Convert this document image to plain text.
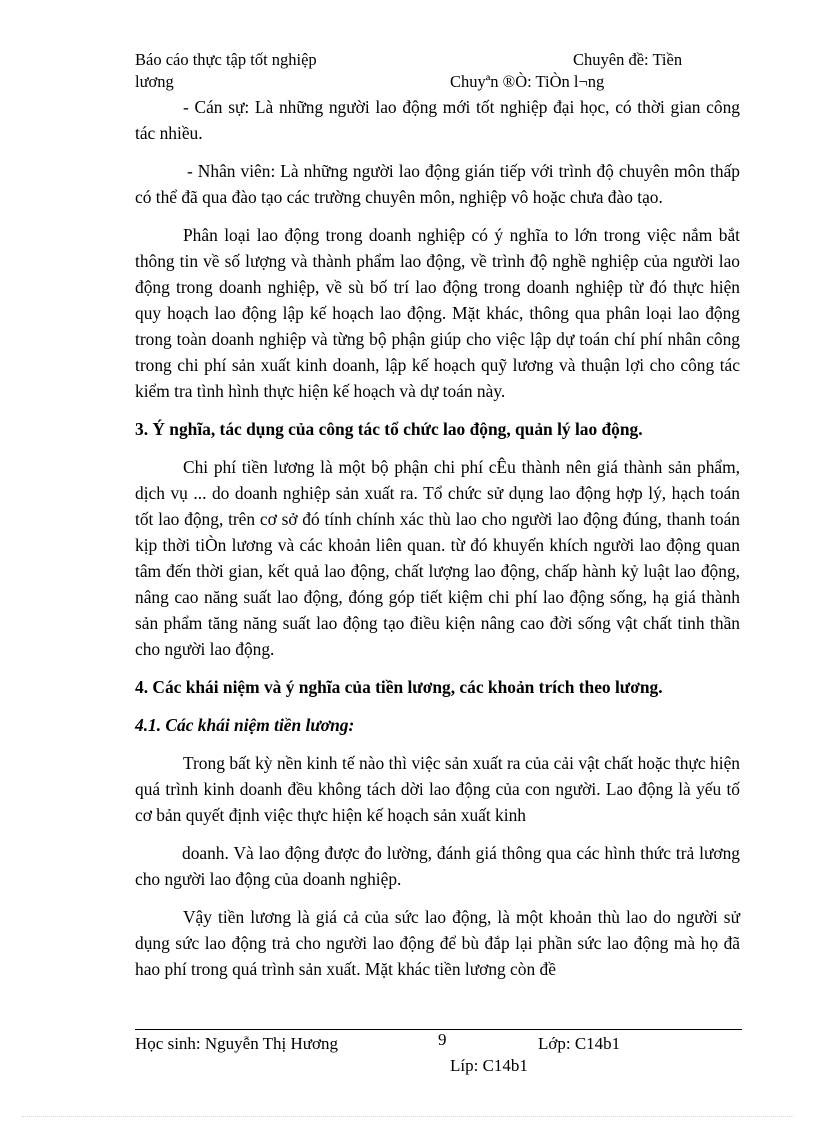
Báo cáo thực tập tốt nghiệp	Chuyên đề: Tiền
lương	Chuyªn ®Ò: TiÒn l¬ng

- Cán sự: Là những người lao động mới tốt nghiệp đại học, có thời gian công tác nhiều.

- Nhân viên: Là những người lao động gián tiếp với trình độ chuyên môn thấp có thể đã qua đào tạo các trường chuyên môn, nghiệp vô hoặc chưa đào tạo.

Phân loại lao động trong doanh nghiệp có ý nghĩa to lớn trong việc nắm bắt thông tin về số lượng và thành phẩm lao động, về trình độ nghề nghiệp của người lao động trong doanh nghiệp, về sù bố trí lao động trong doanh nghiệp từ đó thực hiện quy hoạch lao động lập kế hoạch lao động. Mặt khác, thông qua phân loại lao động trong toàn doanh nghiệp và từng bộ phận giúp cho việc lập dự toán chí phí nhân công trong chi phí sản xuất kinh doanh, lập kế hoạch quỹ lương và thuận lợi cho công tác kiểm tra tình hình thực hiện kế hoạch và dự toán này.

3. Ý nghĩa, tác dụng của công tác tổ chức lao động, quản lý lao động.

Chi phí tiền lương là một bộ phận chi phí cÊu thành nên giá thành sản phẩm, dịch vụ ... do doanh nghiệp sản xuất ra. Tổ chức sử dụng lao động hợp lý, hạch toán tốt lao động, trên cơ sở đó tính chính xác thù lao cho người lao động đúng, thanh toán kịp thời tiÒn lương và các khoản liên quan. từ đó khuyến khích người lao động quan tâm đến thời gian, kết quả lao động, chất lượng lao động, chấp hành kỷ luật lao động, nâng cao năng suất lao động, đóng góp tiết kiệm chi phí lao động sống, hạ giá thành sản phẩm tăng năng suất lao động tạo điều kiện nâng cao đời sống vật chất tinh thần cho người lao động.

4. Các khái niệm và ý nghĩa của tiền lương, các khoản trích theo lương.
4.1. Các khái niệm tiền lương:

Trong bất kỳ nền kinh tế nào thì việc sản xuất ra của cải vật chất hoặc thực hiện quá trình kinh doanh đều không tách dời lao động của con người. Lao động là yếu tố cơ bản quyết định việc thực hiện kế hoạch sản xuất kinh

doanh. Và lao động được đo lường, đánh giá thông qua các hình thức trả lương cho người lao động của doanh nghiệp.

Vậy tiền lương là giá cả của sức lao động, là một khoản thù lao do người sử dụng sức lao động trả cho người lao động để bù đắp lại phần sức lao động mà họ đã hao phí trong quá trình sản xuất. Mặt khác tiền lương còn đề

Học sinh: Nguyễn Thị Hương	9	Lớp: C14b1
Líp: C14b1
